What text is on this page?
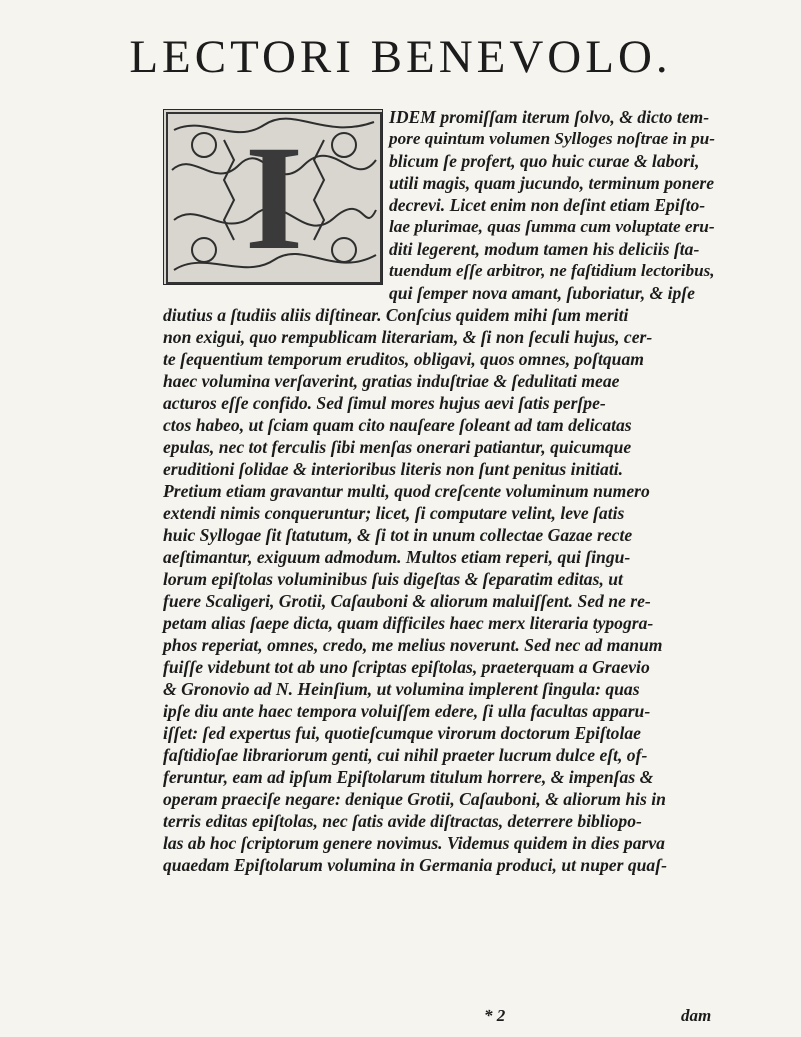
LECTORI BENEVOLO.
I	IDEM promiſſam iterum ſolvo, & dicto tem-
pore quintum volumen Sylloges noſtrae in pu-
blicum ſe profert, quo huic curae & labori,
utili magis, quam jucundo, terminum ponere
decrevi. Licet enim non deſint etiam Epiſto-
lae plurimae, quas ſumma cum voluptate eru-
diti legerent, modum tamen his deliciis ſta-
tuendum eſſe arbitror, ne faſtidium lectoribus,
qui ſemper nova amant, ſuboriatur, & ipſe
diutius a ſtudiis aliis diſtinear. Conſcius quidem mihi ſum meriti
non exigui, quo rempublicam literariam, & ſi non ſeculi hujus, cer-
te ſequentium temporum eruditos, obligavi, quos omnes, poſtquam
haec volumina verſaverint, gratias induſtriae & ſedulitati meae
acturos eſſe confido. Sed ſimul mores hujus aevi ſatis perſpe-
ctos habeo, ut ſciam quam cito nauſeare ſoleant ad tam delicatas
epulas, nec tot ferculis ſibi menſas onerari patiantur, quicumque
eruditioni ſolidae & interioribus literis non ſunt penitus initiati.
Pretium etiam gravantur multi, quod creſcente voluminum numero
extendi nimis conqueruntur; licet, ſi computare velint, leve ſatis
huic Syllogae ſit ſtatutum, & ſi tot in unum collectae Gazae recte
aeſtimantur, exiguum admodum. Multos etiam reperi, qui ſingu-
lorum epiſtolas voluminibus ſuis digeſtas & ſeparatim editas, ut
fuere Scaligeri, Grotii, Caſauboni & aliorum maluiſſent. Sed ne re-
petam alias ſaepe dicta, quam difficiles haec merx literaria typogra-
phos reperiat, omnes, credo, me melius noverunt. Sed nec ad manum
fuiſſe videbunt tot ab uno ſcriptas epiſtolas, praeterquam a Graevio
& Gronovio ad N. Heinſium, ut volumina implerent ſingula: quas
ipſe diu ante haec tempora voluiſſem edere, ſi ulla facultas apparu-
iſſet: ſed expertus fui, quotieſcumque virorum doctorum Epiſtolae
faſtidioſae librariorum genti, cui nihil praeter lucrum dulce eſt, of-
feruntur, eam ad ipſum Epiſtolarum titulum horrere, & impenſas &
operam praeciſe negare: denique Grotii, Caſauboni, & aliorum his in
terris editas epiſtolas, nec ſatis avide diſtractas, deterrere bibliopo-
las ab hoc ſcriptorum genere novimus. Videmus quidem in dies parva
quaedam Epiſtolarum volumina in Germania produci, ut nuper quaſ-
* 2	dam
